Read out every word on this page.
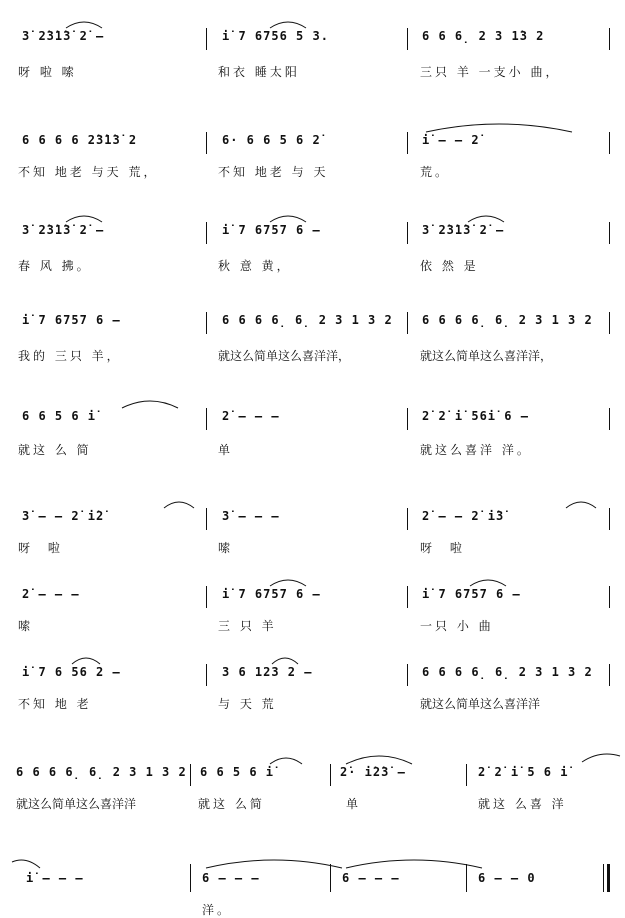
3̇ 2̇3̇1̇3̇ 2̇ –
呀 啦 嗦
i̇ 7 6756 5 3.
和衣 睡太阳
6 6 6̣ 2 3 1̇3 2
三只 羊 一支小 曲，
6 6 6 6 2̇3̇1̇3̇ 2
不知 地老 与天 荒，
6· 6 6 5 6 2̇
不知 地老 与 天
i̇ – – 2̇
荒。
3̇ 2̇3̇1̇3̇ 2̇ –
春 风 拂。
i̇ 7 6757 6 –
秋 意 黄，
3̇ 2̇3̇1̇3̇ 2̇ –
依 然 是
i̇ 7 6757 6 –
我的 三只 羊，
6 6 6 6̣ 6̣ 2 3 1 3 2
就这么简单这么喜洋洋，
6 6 6 6̣ 6̣ 2 3 1 3 2
就这么简单这么喜洋洋，
6 6 5 6 i̇
就这 么 简
2̇ – – –
单
2̇ 2̇ i̇ 56i̇ 6 –
就这么喜洋 洋。
3̇ – – 2̇ i̇2̇
呀 啦
3̇ – – –
嗦
2̇ – – 2̇ i̇3̇
呀 啦
2̇ – – –
嗦
i̇ 7 6757 6 –
三 只 羊
i̇ 7 6757 6 –
一只 小 曲
i̇ 7 6 56 2 –
不知 地 老
3 6 123 2 –
与 天 荒
6 6 6 6̣ 6̣ 2 3 1 3 2
就这么简单这么喜洋洋
6 6 6 6̣ 6̣ 2 3 1 3 2
就这么简单这么喜洋洋
6 6 5 6 i̇
就这 么简
2̇· i̇2̇3̇ –
单
2̇ 2̇ i̇ 5 6 i̇
就这 么喜 洋
i̇ – – –	6 – – –
洋。
6 – – –	6 – – 0
